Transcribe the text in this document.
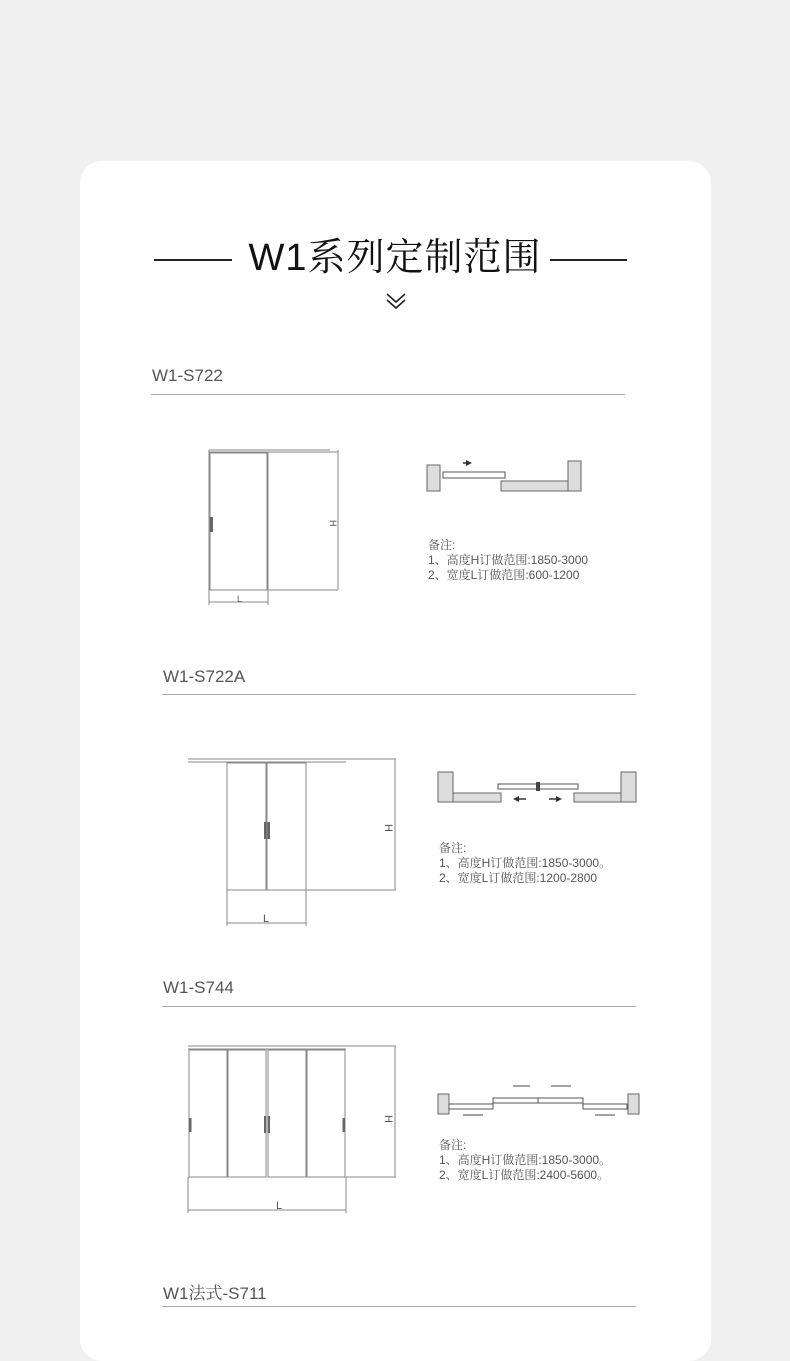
W1系列定制范围
W1-S722
H
L
备注:
1、高度H订做范围:1850-3000
2、宽度L订做范围:600-1200
W1-S722A
H
L
备注:
1、高度H订做范围:1850-3000。
2、宽度L订做范围:1200-2800
W1-S744
H
L
备注:
1、高度H订做范围:1850-3000。
2、宽度L订做范围:2400-5600。
W1法式-S711
